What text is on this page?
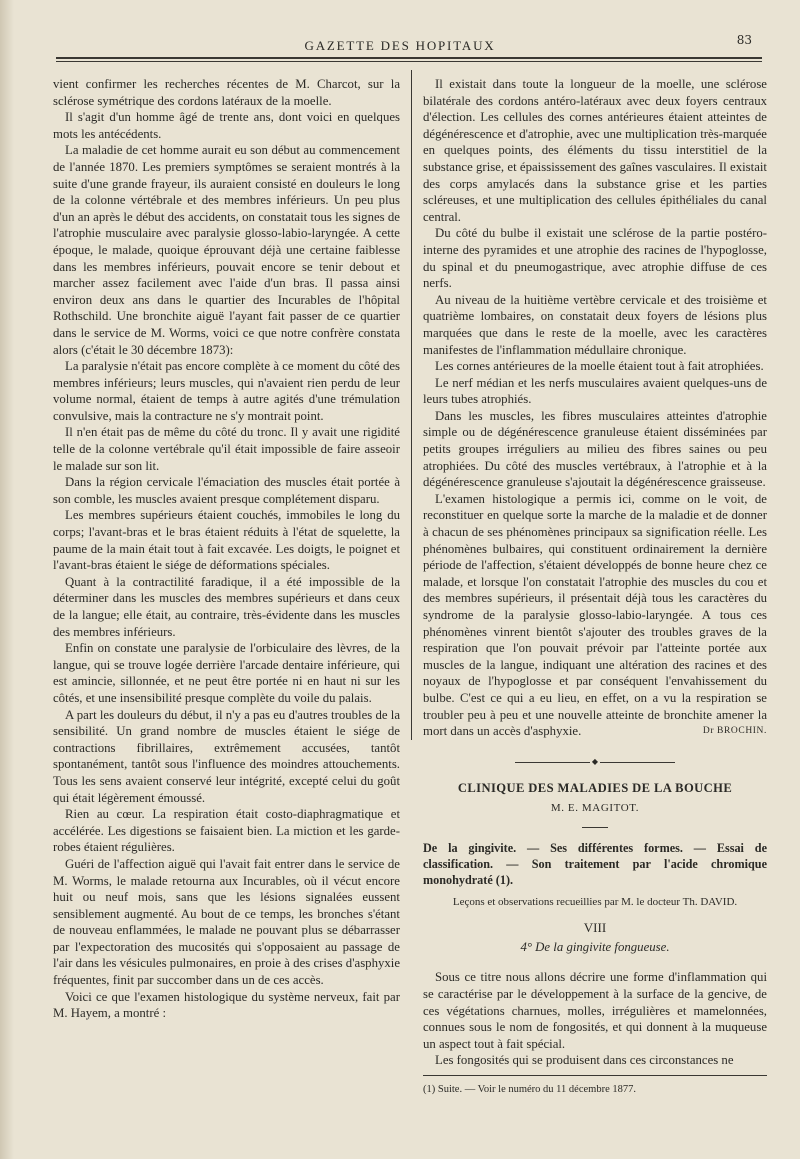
GAZETTE DES HOPITAUX	83

vient confirmer les recherches récentes de M. Charcot, sur la sclérose symétrique des cordons latéraux de la moelle.

Il s'agit d'un homme âgé de trente ans, dont voici en quelques mots les antécédents.

La maladie de cet homme aurait eu son début au commencement de l'année 1870. Les premiers symptômes se seraient montrés à la suite d'une grande frayeur, ils auraient consisté en douleurs le long de la colonne vértébrale et des membres inférieurs. Un peu plus d'un an après le début des accidents, on constatait tous les signes de l'atrophie musculaire avec paralysie glosso-labio-laryngée. A cette époque, le malade, quoique éprouvant déjà une certaine faiblesse dans les membres inférieurs, pouvait encore se tenir debout et marcher assez facilement avec l'aide d'un bras. Il passa ainsi environ deux ans dans le quartier des Incurables de l'hôpital Rothschild. Une bronchite aiguë l'ayant fait passer de ce quartier dans le service de M. Worms, voici ce que notre confrère constata alors (c'était le 30 décembre 1873):

La paralysie n'était pas encore complète à ce moment du côté des membres inférieurs; leurs muscles, qui n'avaient rien perdu de leur volume normal, étaient de temps à autre agités d'une trémulation convulsive, mais la contracture ne s'y montrait point.

Il n'en était pas de même du côté du tronc. Il y avait une rigidité telle de la colonne vertébrale qu'il était impossible de faire asseoir le malade sur son lit.

Dans la région cervicale l'émaciation des muscles était portée à son comble, les muscles avaient presque complétement disparu.

Les membres supérieurs étaient couchés, immobiles le long du corps; l'avant-bras et le bras étaient réduits à l'état de squelette, la paume de la main était tout à fait excavée. Les doigts, le poignet et l'avant-bras étaient le siége de déformations spéciales.

Quant à la contractilité faradique, il a été impossible de la déterminer dans les muscles des membres supérieurs et dans ceux de la langue; elle était, au contraire, très-évidente dans les muscles des membres inférieurs.

Enfin on constate une paralysie de l'orbiculaire des lèvres, de la langue, qui se trouve logée derrière l'arcade dentaire inférieure, qui est amincie, sillonnée, et ne peut être portée ni en haut ni sur les côtés, et une insensibilité presque complète du voile du palais.

A part les douleurs du début, il n'y a pas eu d'autres troubles de la sensibilité. Un grand nombre de muscles étaient le siége de contractions fibrillaires, extrêmement accusées, tantôt spontanément, tantôt sous l'influence des moindres attouchements. Tous les sens avaient conservé leur intégrité, excepté celui du goût qui était légèrement émoussé.

Rien au cœur. La respiration était costo-diaphragmatique et accélérée. Les digestions se faisaient bien. La miction et les garde-robes étaient régulières.

Guéri de l'affection aiguë qui l'avait fait entrer dans le service de M. Worms, le malade retourna aux Incurables, où il vécut encore huit ou neuf mois, sans que les lésions signalées eussent sensiblement augmenté. Au bout de ce temps, les bronches s'étant de nouveau enflammées, le malade ne pouvant plus se débarrasser par l'expectoration des mucosités qui s'opposaient au passage de l'air dans les vésicules pulmonaires, en proie à des crises d'asphyxie fréquentes, finit par succomber dans un de ces accès.

Voici ce que l'examen histologique du système nerveux, fait par M. Hayem, a montré :

Il existait dans toute la longueur de la moelle, une sclérose bilatérale des cordons antéro-latéraux avec deux foyers centraux d'élection. Les cellules des cornes antérieures étaient atteintes de dégénérescence et d'atrophie, avec une multiplication très-marquée en quelques points, des éléments du tissu interstitiel de la substance grise, et épaississement des gaînes vasculaires. Il existait des corps amylacés dans la substance grise et les parties scléreuses, et une multiplication des cellules épithéliales du canal central.

Du côté du bulbe il existait une sclérose de la partie postéro-interne des pyramides et une atrophie des racines de l'hypoglosse, du spinal et du pneumogastrique, avec atrophie diffuse de ces nerfs.

Au niveau de la huitième vertèbre cervicale et des troisième et quatrième lombaires, on constatait deux foyers de lésions plus marquées que dans le reste de la moelle, avec les caractères manifestes de l'inflammation médullaire chronique.

Les cornes antérieures de la moelle étaient tout à fait atrophiées.

Le nerf médian et les nerfs musculaires avaient quelques-uns de leurs tubes atrophiés.

Dans les muscles, les fibres musculaires atteintes d'atrophie simple ou de dégénérescence granuleuse étaient disséminées par petits groupes irréguliers au milieu des fibres saines ou peu atrophiées. Du côté des muscles vertébraux, à l'atrophie et à la dégénérescence granuleuse s'ajoutait la dégénérescence graisseuse.

L'examen histologique a permis ici, comme on le voit, de reconstituer en quelque sorte la marche de la maladie et de donner à chacun de ses phénomènes principaux sa signification réelle. Les phénomènes bulbaires, qui constituent ordinairement la dernière période de l'affection, s'étaient développés de bonne heure chez ce malade, et lorsque l'on constatait l'atrophie des muscles du cou et des membres supérieurs, il présentait déjà tous les caractères du syndrome de la paralysie glosso-labio-laryngée. A tous ces phénomènes vinrent bientôt s'ajouter des troubles graves de la respiration que l'on pouvait prévoir par l'atteinte portée aux muscles de la langue, indiquant une altération des racines et des noyaux de l'hypoglosse et par conséquent l'envahissement du bulbe. C'est ce qui a eu lieu, en effet, on a vu la respiration se troubler peu à peu et une nouvelle atteinte de bronchite amener la mort dans un accès d'asphyxie.	Dr BROCHIN.
◆
CLINIQUE DES MALADIES DE LA BOUCHE
M. E. MAGITOT.
De la gingivite. — Ses différentes formes. — Essai de classification. — Son traitement par l'acide chromique monohydraté (1).
Leçons et observations recueillies par M. le docteur Th. DAVID.
VIII
4° De la gingivite fongueuse.

Sous ce titre nous allons décrire une forme d'inflammation qui se caractérise par le développement à la surface de la gencive, de ces végétations charnues, molles, irrégulières et mamelonnées, connues sous le nom de fongosités, et qui donnent à la muqueuse un aspect tout à fait spécial.

Les fongosités qui se produisent dans ces circonstances ne

(1) Suite. — Voir le numéro du 11 décembre 1877.
